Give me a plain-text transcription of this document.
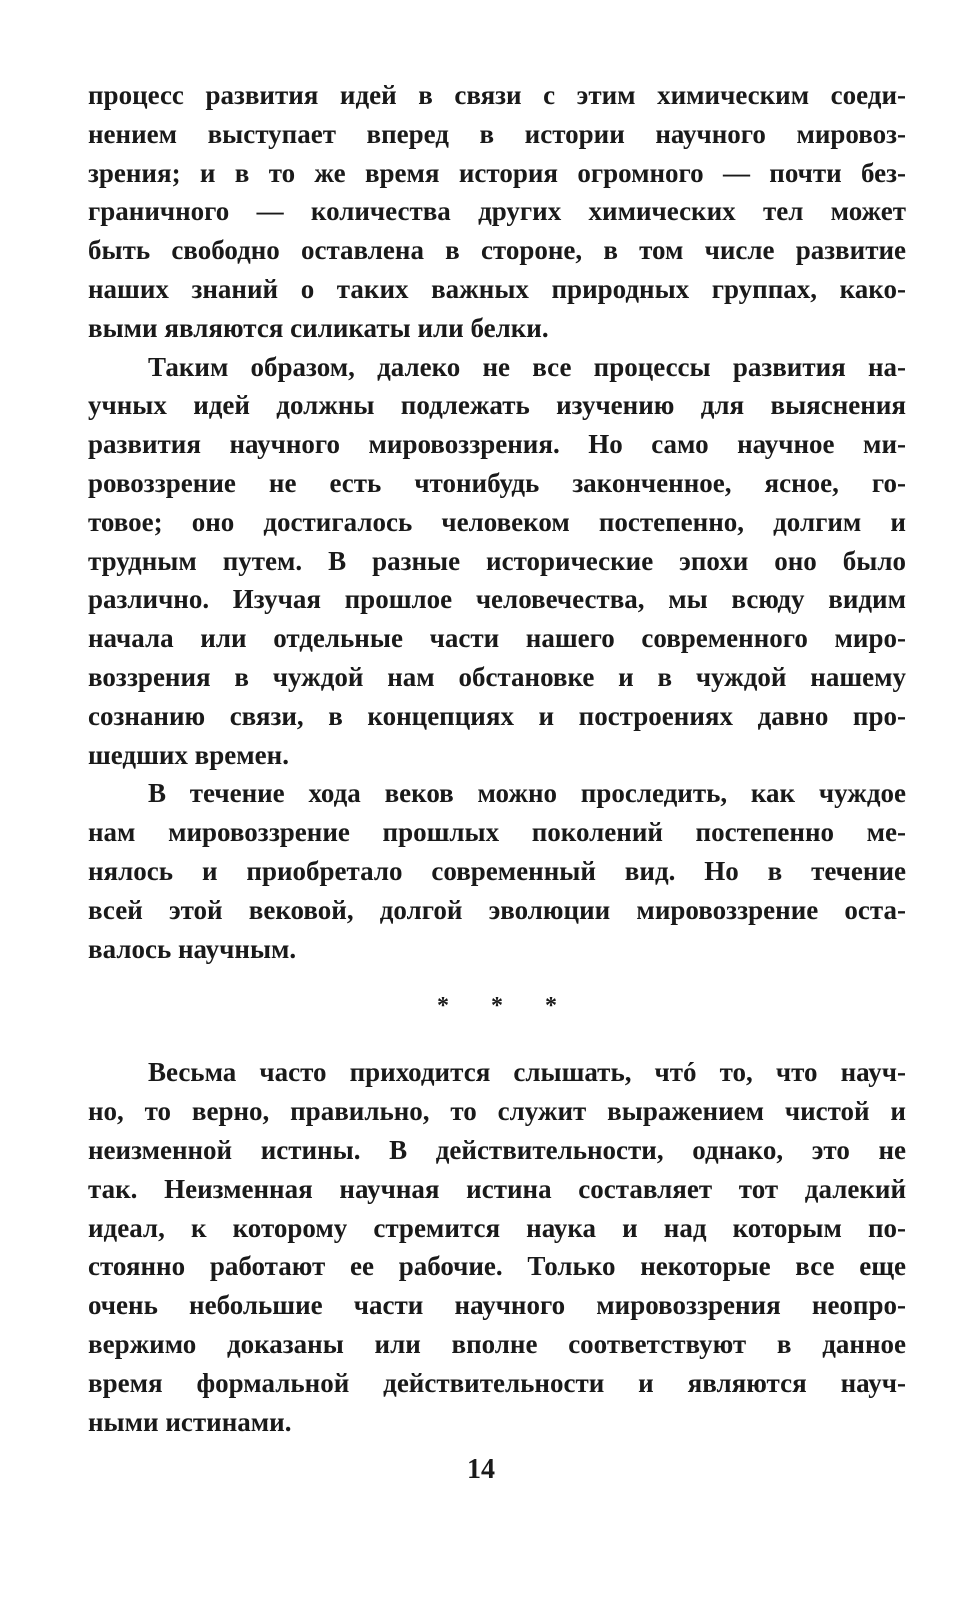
процесс развития идей в связи с этим химическим соеди-
нением выступает вперед в истории научного мировоз-
зрения; и в то же время история огромного — почти без-
граничного — количества других химических тел может
быть свободно оставлена в стороне, в том числе развитие
наших знаний о таких важных природных группах, како-
выми являются силикаты или белки.
Таким образом, далеко не все процессы развития на-
учных идей должны подлежать изучению для выяснения
развития научного мировоззрения. Но само научное ми-
ровоззрение не есть чтонибудь законченное, ясное, го-
товое; оно достигалось человеком постепенно, долгим и
трудным путем. В разные исторические эпохи оно было
различно. Изучая прошлое человечества, мы всюду видим
начала или отдельные части нашего современного миро-
воззрения в чуждой нам обстановке и в чуждой нашему
сознанию связи, в концепциях и построениях давно про-
шедших времен.
В течение хода веков можно проследить, как чуждое
нам мировоззрение прошлых поколений постепенно ме-
нялось и приобретало современный вид. Но в течение
всей этой вековой, долгой эволюции мировоззрение оста-
валось научным.
* * *
Весьма часто приходится слышать, чтó то, что науч-
но, то верно, правильно, то служит выражением чистой и
неизменной истины. В действительности, однако, это не
так. Неизменная научная истина составляет тот далекий
идеал, к которому стремится наука и над которым по-
стоянно работают ее рабочие. Только некоторые все еще
очень небольшие части научного мировоззрения неопро-
вержимо доказаны или вполне соответствуют в данное
время формальной действительности и являются науч-
ными истинами.
14
